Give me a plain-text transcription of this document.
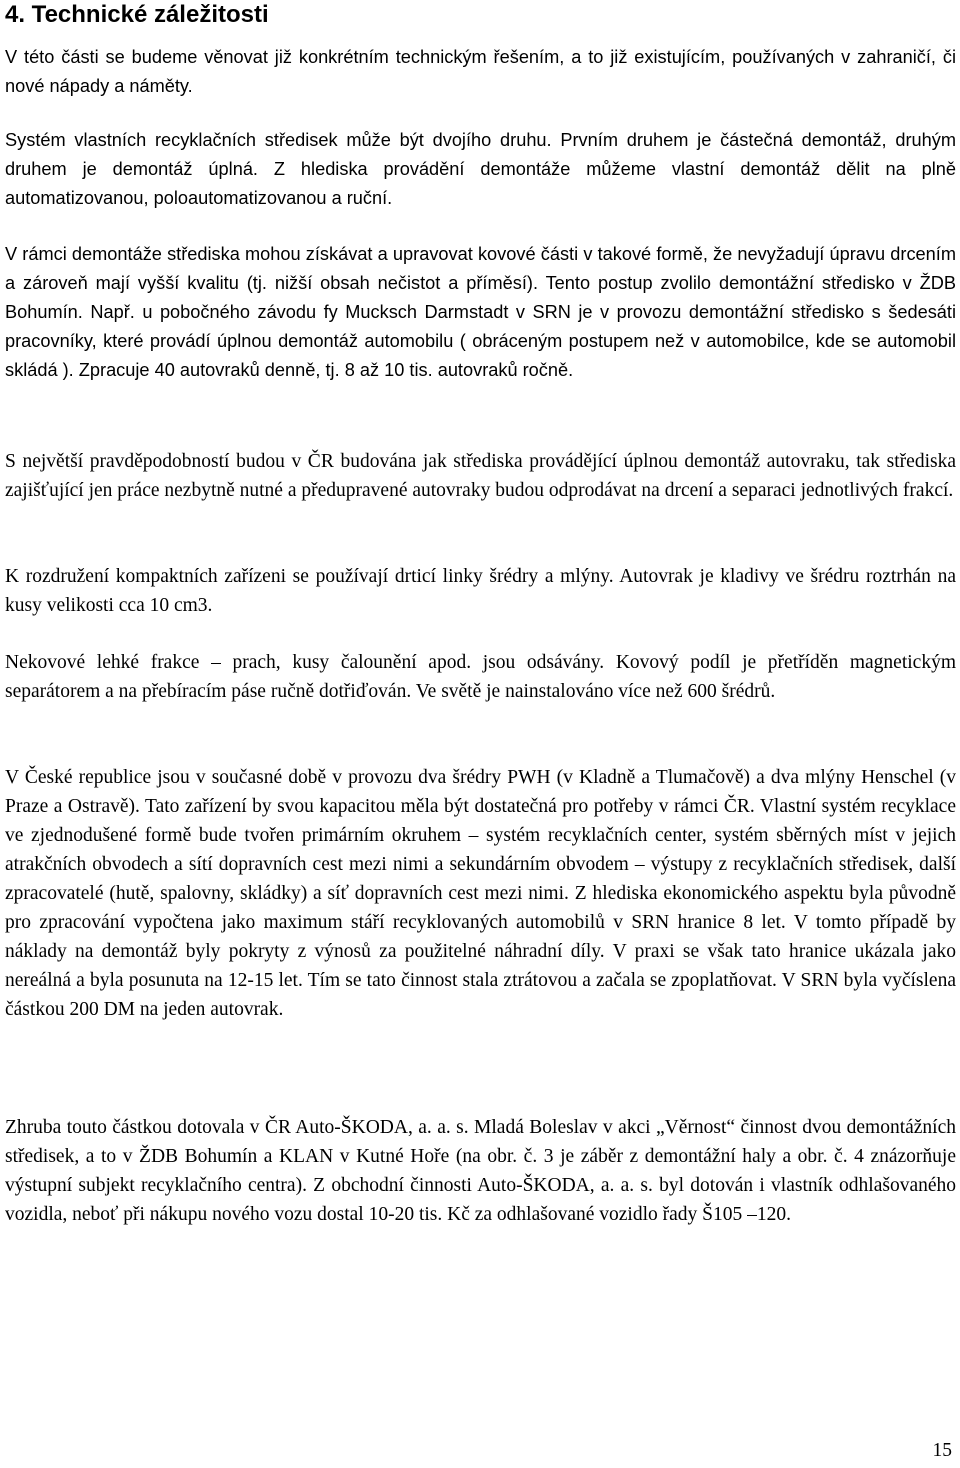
4. Technické záležitosti

V této části se budeme věnovat již konkrétním technickým řešením, a to již existujícím, používaných v zahraničí, či nové nápady a náměty.

Systém vlastních recyklačních středisek může být dvojího druhu. Prvním druhem je částečná demontáž, druhým druhem je demontáž úplná. Z hlediska provádění demontáže můžeme vlastní demontáž dělit na plně automatizovanou, poloautomatizovanou a ruční.

V rámci demontáže střediska mohou získávat a upravovat kovové části v takové formě, že nevyžadují úpravu drcením a zároveň mají vyšší kvalitu (tj. nižší obsah nečistot a příměsí). Tento postup zvolilo demontážní středisko v ŽDB Bohumín. Např. u pobočného závodu fy Mucksch Darmstadt v SRN je v provozu demontážní středisko s šedesáti pracovníky, které provádí úplnou demontáž automobilu ( obráceným postupem než v automobilce, kde se automobil skládá ). Zpracuje 40 autovraků denně, tj. 8 až 10 tis. autovraků ročně.

S největší pravděpodobností budou v ČR budována jak střediska provádějící úplnou demontáž autovraku, tak střediska zajišťující jen práce nezbytně nutné a předupravené autovraky budou odprodávat na drcení a separaci jednotlivých frakcí.

K rozdružení kompaktních zařízeni se používají drticí linky šrédry a mlýny. Autovrak je kladivy ve šrédru roztrhán na kusy velikosti cca 10 cm3.

Nekovové lehké frakce – prach, kusy čalounění apod. jsou odsávány. Kovový podíl je přetříděn magnetickým separátorem a na přebíracím páse ručně dotřiďován. Ve světě je nainstalováno více než 600 šrédrů.

V České republice jsou v současné době v provozu dva šrédry PWH (v Kladně a Tlumačově) a dva mlýny Henschel (v Praze a Ostravě). Tato zařízení by svou kapacitou měla být dostatečná pro potřeby v rámci ČR. Vlastní systém recyklace ve zjednodušené formě bude tvořen primárním okruhem – systém recyklačních center, systém sběrných míst v jejich atrakčních obvodech a sítí dopravních cest mezi nimi a sekundárním obvodem – výstupy z recyklačních středisek, další zpracovatelé (hutě, spalovny, skládky) a síť dopravních cest mezi nimi. Z hlediska ekonomického aspektu byla původně pro zpracování vypočtena jako maximum stáří recyklovaných automobilů v SRN hranice 8 let. V tomto případě by náklady na demontáž byly pokryty z výnosů za použitelné náhradní díly. V praxi se však tato hranice ukázala jako nereálná a byla posunuta na 12-15 let. Tím se tato činnost stala ztrátovou a začala se zpoplatňovat. V SRN byla vyčíslena částkou 200 DM na jeden autovrak.

Zhruba touto částkou dotovala v ČR Auto-ŠKODA, a. a. s. Mladá Boleslav v akci „Věrnost“ činnost dvou demontážních středisek, a to v ŽDB Bohumín a KLAN v Kutné Hoře (na obr. č. 3 je záběr z demontážní haly a obr. č. 4 znázorňuje výstupní subjekt recyklačního centra). Z obchodní činnosti Auto-ŠKODA, a. a. s. byl dotován i vlastník odhlašovaného vozidla, neboť při nákupu nového vozu dostal 10-20 tis. Kč za odhlašované vozidlo řady Š105 –120.

15
